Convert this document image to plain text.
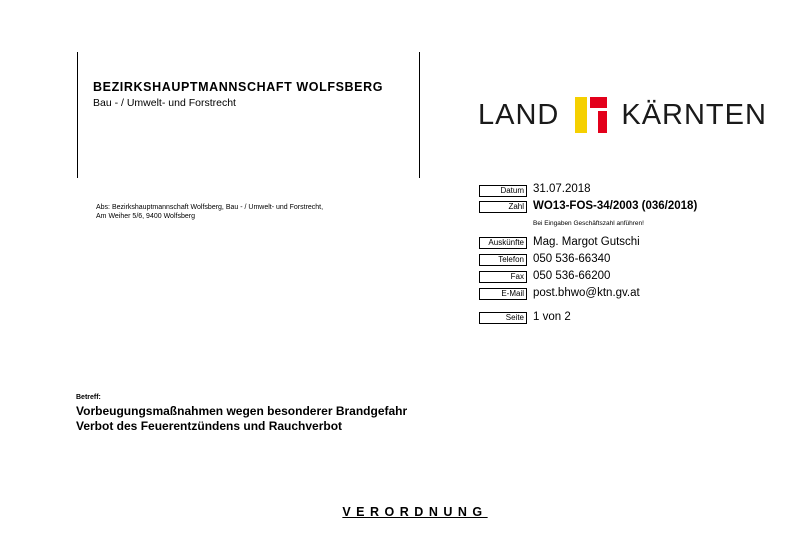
BEZIRKSHAUPTMANNSCHAFT WOLFSBERG
Bau - / Umwelt- und Forstrecht	LAND KÄRNTEN
Abs: Bezirkshauptmannschaft Wolfsberg, Bau - / Umwelt- und Forstrecht,
Am Weiher 5/6, 9400 Wolfsberg
Datum 31.07.2018
Zahl WO13-FOS-34/2003 (036/2018)
Bei Eingaben Geschäftszahl anführen!
Auskünfte Mag. Margot Gutschi
Telefon 050 536-66340
Fax 050 536-66200
E-Mail post.bhwo@ktn.gv.at
Seite 1 von 2
Betreff:
Vorbeugungsmaßnahmen wegen besonderer Brandgefahr
Verbot des Feuerentzündens und Rauchverbot
VERORDNUNG
